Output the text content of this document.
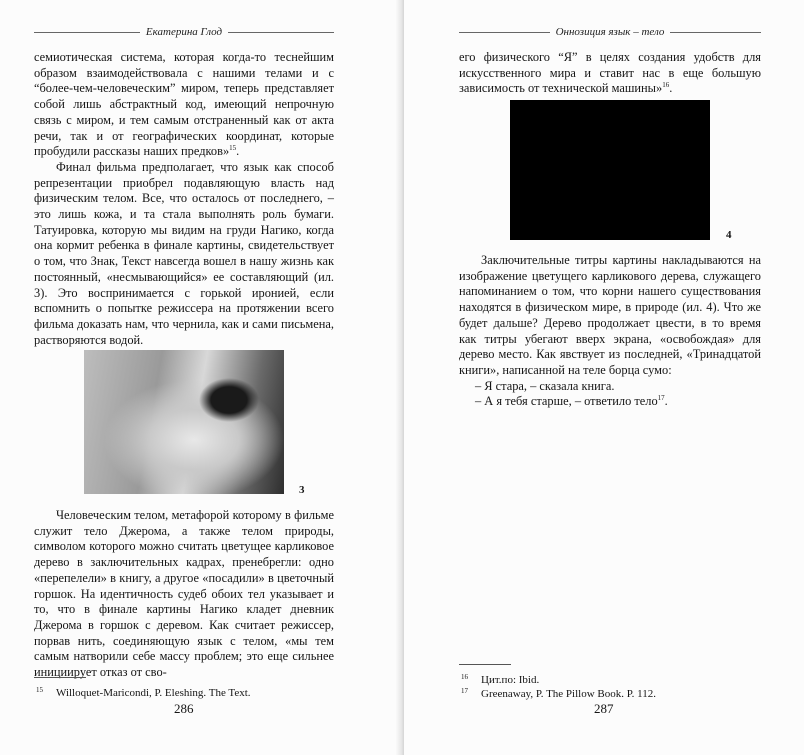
Екатерина Глод

семиотическая система, которая когда-то теснейшим образом взаимодействовала с нашими телами и с “более-чем-человеческим” миром, теперь представляет собой лишь абстрактный код, имеющий непрочную связь с миром, и тем самым отстраненный как от акта речи, так и от географических координат, которые пробудили рассказы наших предков»$^{15}$.

Финал фильма предполагает, что язык как способ репрезентации приобрел подавляющую власть над физическим телом. Все, что осталось от последнего, – это лишь кожа, и та стала выполнять роль бумаги. Татуировка, которую мы видим на груди Нагико, когда она кормит ребенка в финале картины, свидетельствует о том, что Знак, Текст навсегда вошел в нашу жизнь как постоянный, «несмывающийся» ее составляющий (ил. 3). Это воспринимается с горькой иронией, если вспомнить о попытке режиссера на протяжении всего фильма доказать нам, что чернила, как и сами письмена, растворяются водой.

3

Человеческим телом, метафорой которому в фильме служит тело Джерома, а также телом природы, символом которого можно считать цветущее карликовое дерево в заключительных кадрах, пренебрегли: одно «перепелели» в книгу, а другое «посадили» в цветочный горшок. На идентичность судеб обоих тел указывает и то, что в финале картины Нагико кладет дневник Джерома в горшок с деревом. Как считает режиссер, порвав нить, соединяющую язык с телом, «мы тем самым натворили себе массу проблем; это еще сильнее инициирует отказ от сво-

15 Willoquet-Maricondi, P. Eleshing. The Text.
286
Оннозиция язык – тело

его физического “Я” в целях создания удобств для искусственного мира и ставит нас в еще большую зависимость от технической машины»$^{16}$.

4

Заключительные титры картины накладываются на изображение цветущего карликового дерева, служащего напоминанием о том, что корни нашего существования находятся в физическом мире, в природе (ил. 4). Что же будет дальше? Дерево продолжает цвести, в то время как титры убегают вверх экрана, «освобождая» для дерево место. Как явствует из последней, «Тринадцатой книги», написанной на теле борца сумо:

– Я стара, – сказала книга.

– А я тебя старше, – ответило тело$^{17}$.

16 Цит.по: Ibid.
17 Greenaway, P. The Pillow Book. P. 112.
287
